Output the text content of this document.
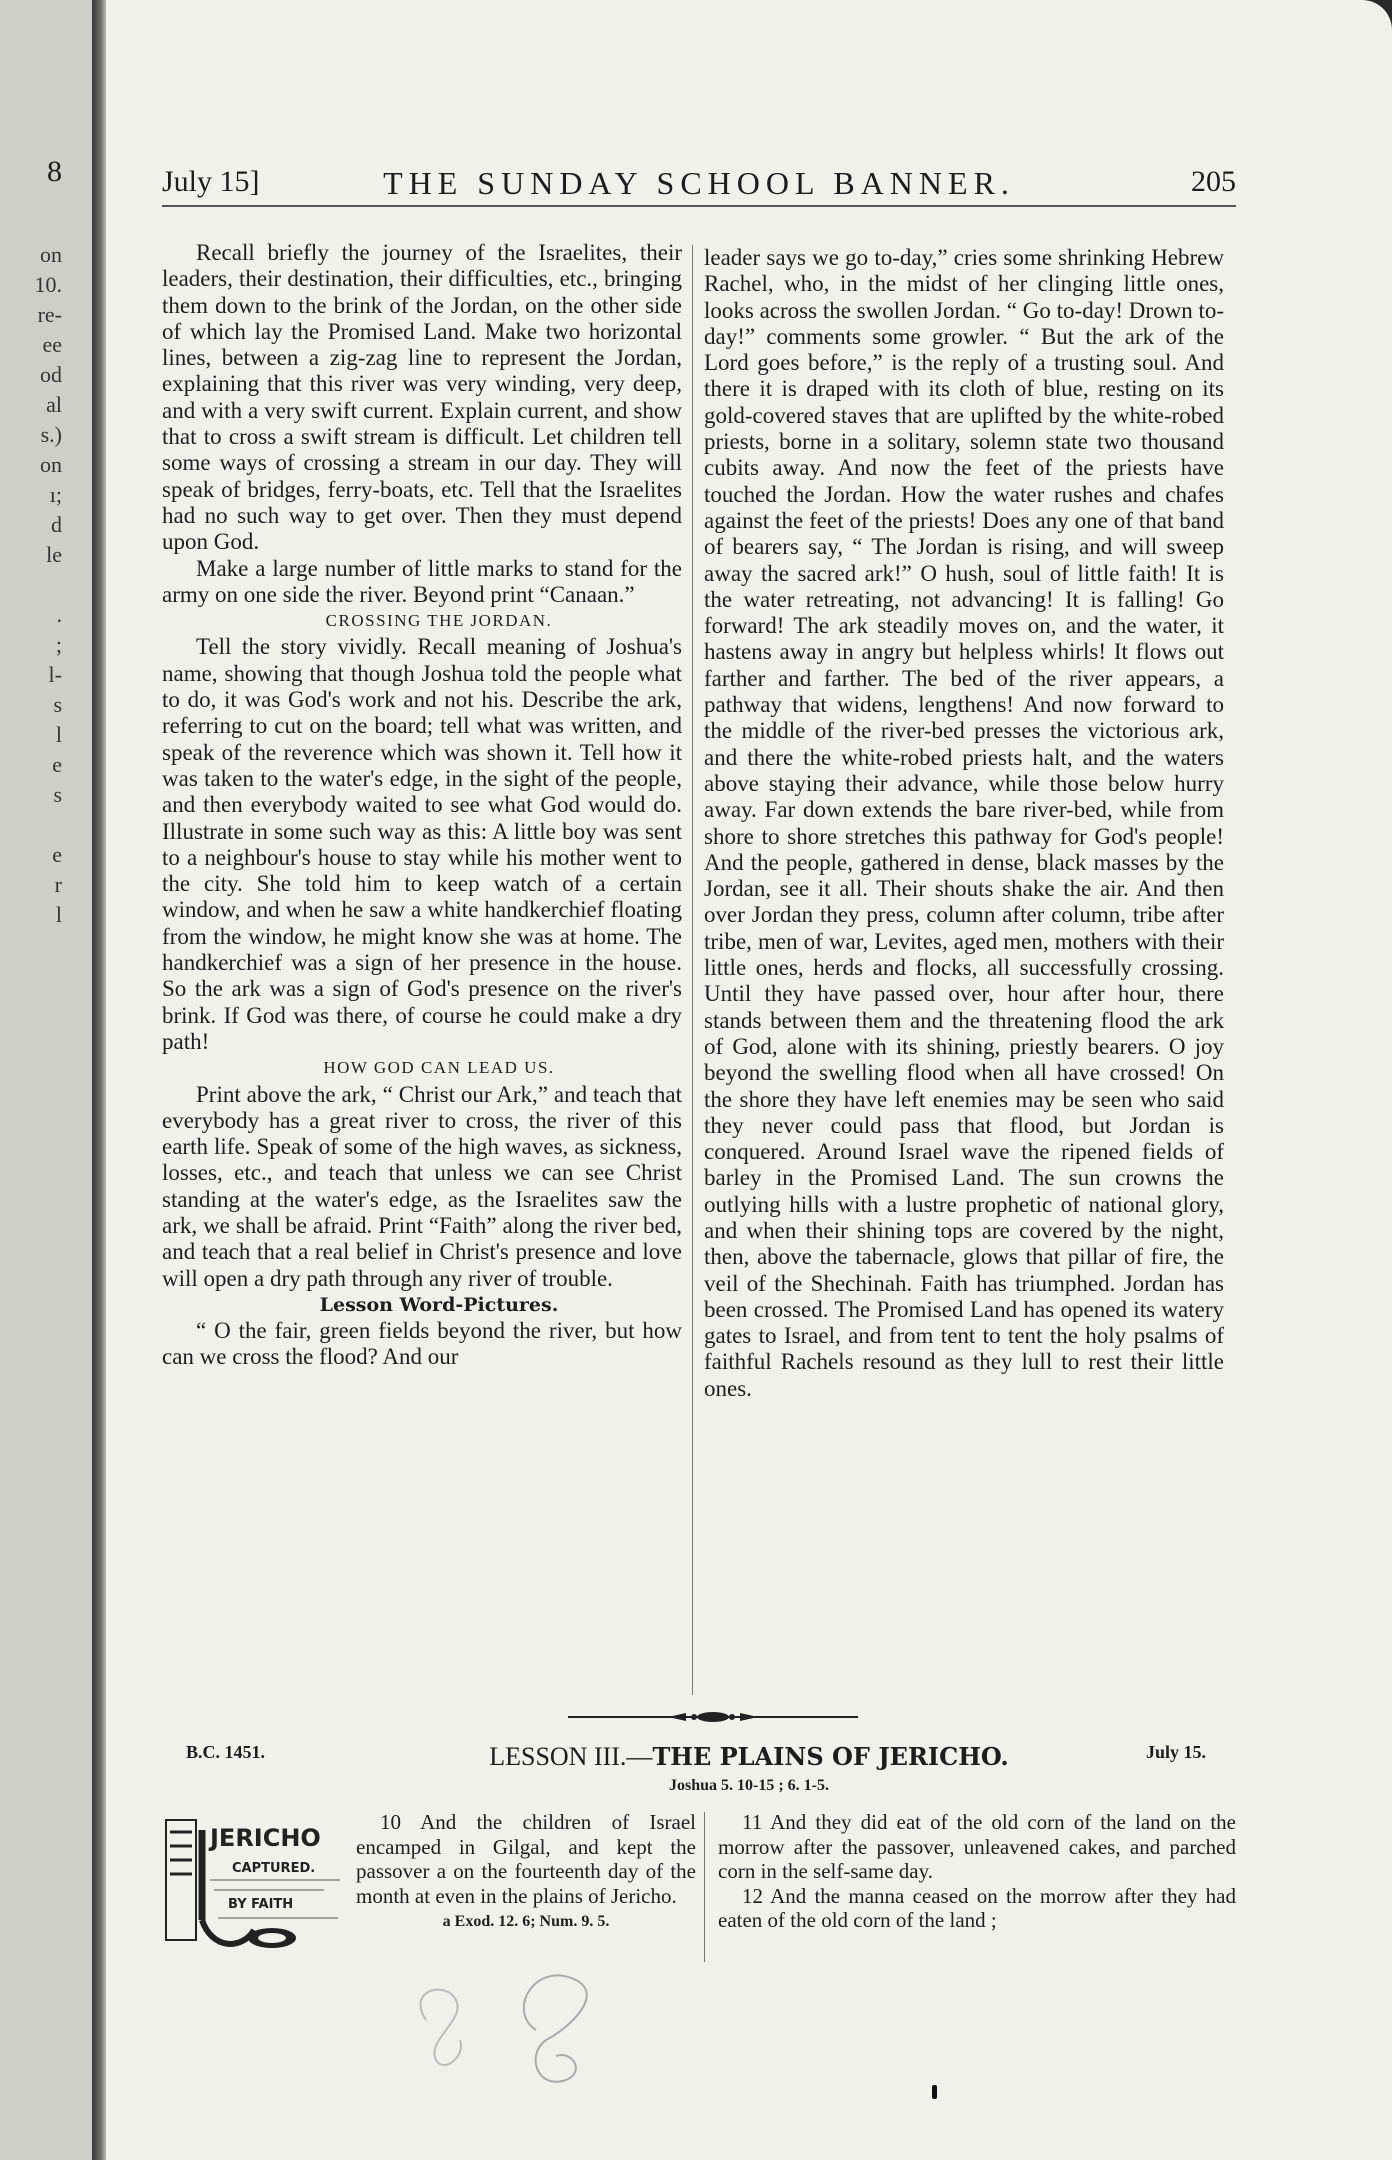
8
on
10.
re-
ee
od
al
s.)
on
ı;
d
le

.
;
l-
s
l
e
s

e
r
l
July 15]	THE SUNDAY SCHOOL BANNER.	205

Recall briefly the journey of the Israelites, their leaders, their destination, their difficulties, etc., bringing them down to the brink of the Jordan, on the other side of which lay the Promised Land. Make two horizontal lines, between a zig-zag line to represent the Jordan, explaining that this river was very winding, very deep, and with a very swift current. Explain current, and show that to cross a swift stream is difficult. Let children tell some ways of crossing a stream in our day. They will speak of bridges, ferry-boats, etc. Tell that the Israelites had no such way to get over. Then they must depend upon God.

Make a large number of little marks to stand for the army on one side the river. Beyond print “Canaan.”

CROSSING THE JORDAN.

Tell the story vividly. Recall meaning of Joshua's name, showing that though Joshua told the people what to do, it was God's work and not his. Describe the ark, referring to cut on the board; tell what was written, and speak of the reverence which was shown it. Tell how it was taken to the water's edge, in the sight of the people, and then everybody waited to see what God would do. Illustrate in some such way as this: A little boy was sent to a neighbour's house to stay while his mother went to the city. She told him to keep watch of a certain window, and when he saw a white handkerchief floating from the window, he might know she was at home. The handkerchief was a sign of her presence in the house. So the ark was a sign of God's presence on the river's brink. If God was there, of course he could make a dry path!

HOW GOD CAN LEAD US.

Print above the ark, “ Christ our Ark,” and teach that everybody has a great river to cross, the river of this earth life. Speak of some of the high waves, as sickness, losses, etc., and teach that unless we can see Christ standing at the water's edge, as the Israelites saw the ark, we shall be afraid. Print “Faith” along the river bed, and teach that a real belief in Christ's presence and love will open a dry path through any river of trouble.

Lesson Word-Pictures.

“ O the fair, green fields beyond the river, but how can we cross the flood? And our

leader says we go to-day,” cries some shrinking Hebrew Rachel, who, in the midst of her clinging little ones, looks across the swollen Jordan. “ Go to-day! Drown to-day!” comments some growler. “ But the ark of the Lord goes before,” is the reply of a trusting soul. And there it is draped with its cloth of blue, resting on its gold-covered staves that are uplifted by the white-robed priests, borne in a solitary, solemn state two thousand cubits away. And now the feet of the priests have touched the Jordan. How the water rushes and chafes against the feet of the priests! Does any one of that band of bearers say, “ The Jordan is rising, and will sweep away the sacred ark!” O hush, soul of little faith! It is the water retreating, not advancing! It is falling! Go forward! The ark steadily moves on, and the water, it hastens away in angry but helpless whirls! It flows out farther and farther. The bed of the river appears, a pathway that widens, lengthens! And now forward to the middle of the river-bed presses the victorious ark, and there the white-robed priests halt, and the waters above staying their advance, while those below hurry away. Far down extends the bare river-bed, while from shore to shore stretches this pathway for God's people! And the people, gathered in dense, black masses by the Jordan, see it all. Their shouts shake the air. And then over Jordan they press, column after column, tribe after tribe, men of war, Levites, aged men, mothers with their little ones, herds and flocks, all successfully crossing. Until they have passed over, hour after hour, there stands between them and the threatening flood the ark of God, alone with its shining, priestly bearers. O joy beyond the swelling flood when all have crossed! On the shore they have left enemies may be seen who said they never could pass that flood, but Jordan is conquered. Around Israel wave the ripened fields of barley in the Promised Land. The sun crowns the outlying hills with a lustre prophetic of national glory, and when their shining tops are covered by the night, then, above the tabernacle, glows that pillar of fire, the veil of the Shechinah. Faith has triumphed. Jordan has been crossed. The Promised Land has opened its watery gates to Israel, and from tent to tent the holy psalms of faithful Rachels resound as they lull to rest their little ones.

B.C. 1451.	July 15.
LESSON III.—THE PLAINS OF JERICHO.
Joshua 5. 10-15 ; 6. 1-5.
JERICHO
CAPTURED.
BY FAITH

10 And the children of Israel encamped in Gilgal, and kept the passover a on the fourteenth day of the month at even in the plains of Jericho.

a Exod. 12. 6; Num. 9. 5.

11 And they did eat of the old corn of the land on the morrow after the passover, unleavened cakes, and parched corn in the self-same day.

12 And the manna ceased on the morrow after they had eaten of the old corn of the land ;
